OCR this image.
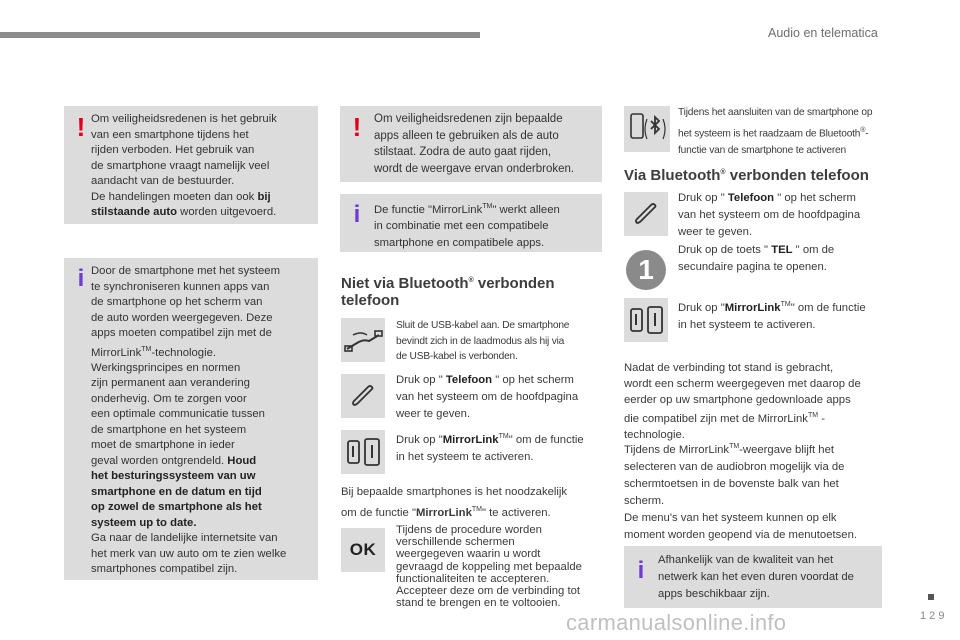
Audio en telematica
! Om veiligheidsredenen is het gebruik
van een smartphone tijdens het
rijden verboden. Het gebruik van
de smartphone vraagt namelijk veel
aandacht van de bestuurder.
De handelingen moeten dan ook bij
stilstaande auto worden uitgevoerd.
i Door de smartphone met het systeem
te synchroniseren kunnen apps van
de smartphone op het scherm van
de auto worden weergegeven. Deze
apps moeten compatibel zijn met de
MirrorLink™-technologie.
Werkingsprincipes en normen
zijn permanent aan verandering
onderhevig. Om te zorgen voor
een optimale communicatie tussen
de smartphone en het systeem
moet de smartphone in ieder
geval worden ontgrendeld. Houd
het besturingssysteem van uw
smartphone en de datum en tijd
op zowel de smartphone als het
systeem up to date.
Ga naar de landelijke internetsite van
het merk van uw auto om te zien welke
smartphones compatibel zijn.
!	Om veiligheidsredenen zijn bepaalde
apps alleen te gebruiken als de auto
stilstaat. Zodra de auto gaat rijden,
wordt de weergave ervan onderbroken.
i	De functie "MirrorLink™" werkt alleen
in combinatie met een compatibele
smartphone en compatibele apps.
Niet via Bluetooth® verbonden
telefoon
Sluit de USB-kabel aan. De smartphone
bevindt zich in de laadmodus als hij via
de USB-kabel is verbonden.
Druk op " Telefoon " op het scherm
van het systeem om de hoofdpagina
weer te geven.
Druk op "MirrorLink™" om de functie
in het systeem te activeren.
Bij bepaalde smartphones is het noodzakelijk
om de functie "MirrorLink™" te activeren.
OK
Tijdens de procedure worden
verschillende schermen
weergegeven waarin u wordt
gevraagd de koppeling met bepaalde
functionaliteiten te accepteren.
Accepteer deze om de verbinding tot
stand te brengen en te voltooien.
Tijdens het aansluiten van de smartphone op
het systeem is het raadzaam de Bluetooth®-
functie van de smartphone te activeren
Via Bluetooth® verbonden telefoon
Druk op " Telefoon " op het scherm
van het systeem om de hoofdpagina
weer te geven.
1
Druk op de toets " TEL " om de
secundaire pagina te openen.
Druk op "MirrorLink™" om de functie
in het systeem te activeren.
Nadat de verbinding tot stand is gebracht,
wordt een scherm weergegeven met daarop de
eerder op uw smartphone gedownloade apps
die compatibel zijn met de MirrorLink™ -
technologie.
Tijdens de MirrorLink™-weergave blijft het
selecteren van de audiobron mogelijk via de
schermtoetsen in de bovenste balk van het
scherm.
De menu's van het systeem kunnen op elk
moment worden geopend via de menutoetsen.
i	Afhankelijk van de kwaliteit van het
netwerk kan het even duren voordat de
apps beschikbaar zijn.
1 2 9
carmanualsonline.info
